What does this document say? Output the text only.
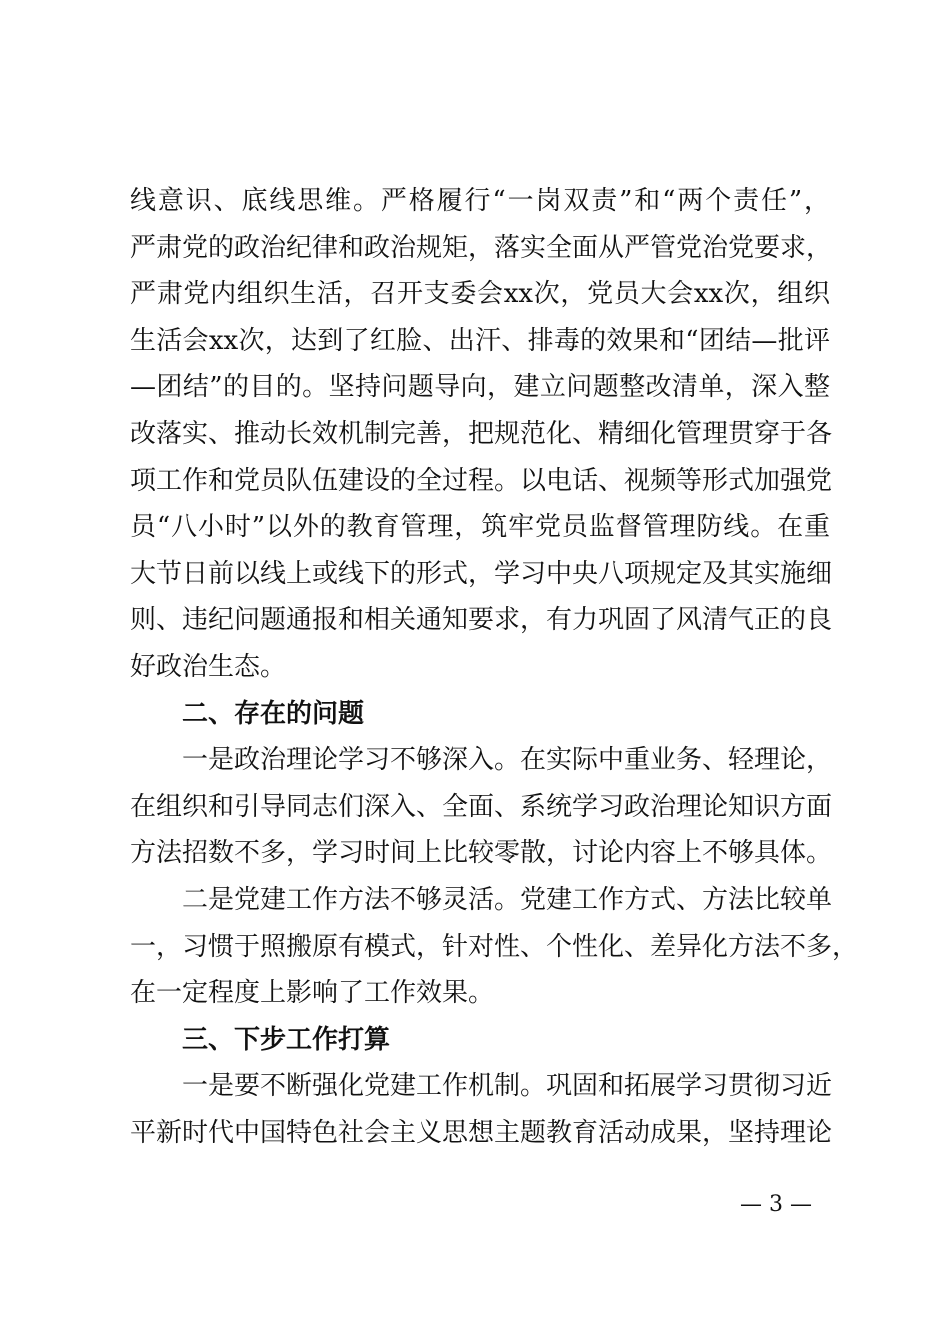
线意识、底线思维。严格履行“一岗双责”和“两个责任”，
严肃党的政治纪律和政治规矩，落实全面从严管党治党要求，
严肃党内组织生活，召开支委会xx次，党员大会xx次，组织
生活会xx次，达到了红脸、出汗、排毒的效果和“团结—批评
—团结”的目的。坚持问题导向，建立问题整改清单，深入整
改落实、推动长效机制完善，把规范化、精细化管理贯穿于各
项工作和党员队伍建设的全过程。以电话、视频等形式加强党
员“八小时”以外的教育管理，筑牢党员监督管理防线。在重
大节日前以线上或线下的形式，学习中央八项规定及其实施细
则、违纪问题通报和相关通知要求，有力巩固了风清气正的良
好政治生态。
二、存在的问题
一是政治理论学习不够深入。在实际中重业务、轻理论，
在组织和引导同志们深入、全面、系统学习政治理论知识方面
方法招数不多，学习时间上比较零散，讨论内容上不够具体。
二是党建工作方法不够灵活。党建工作方式、方法比较单
一，习惯于照搬原有模式，针对性、个性化、差异化方法不多，
在一定程度上影响了工作效果。
三、下步工作打算
一是要不断强化党建工作机制。巩固和拓展学习贯彻习近
平新时代中国特色社会主义思想主题教育活动成果，坚持理论
— 3 —
